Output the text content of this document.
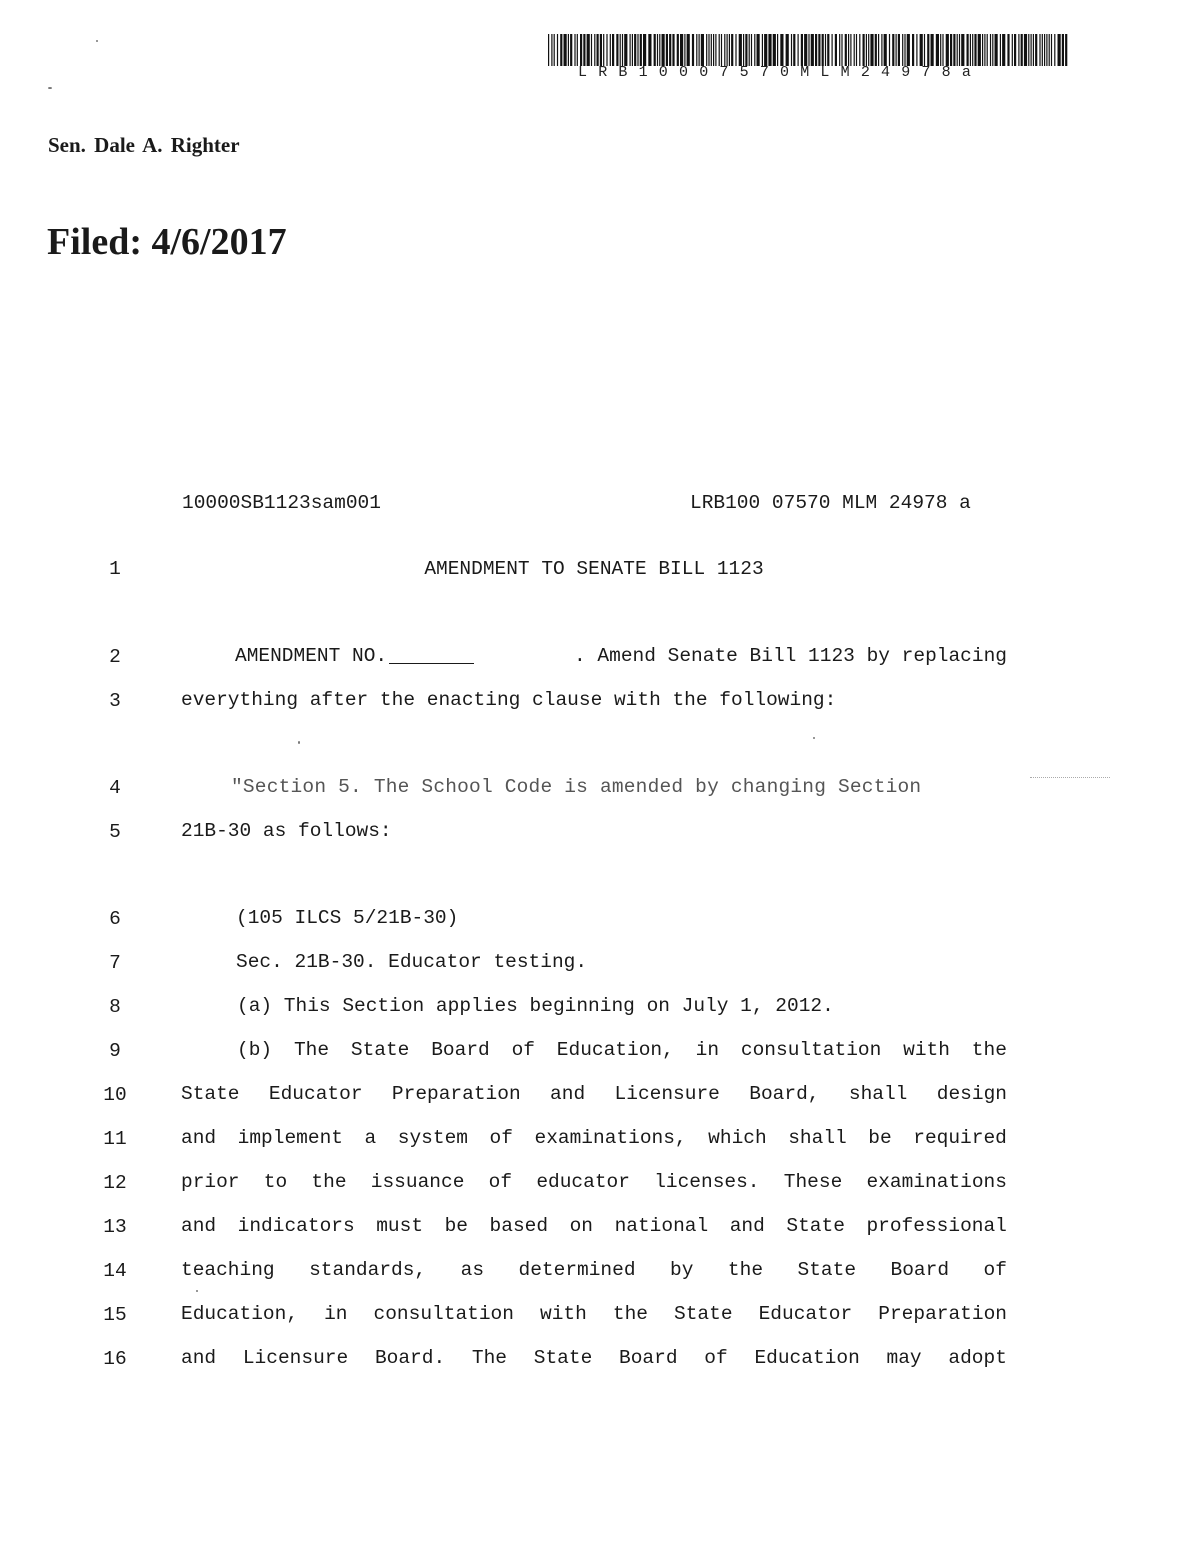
LRB10007570MLM24978a
Sen. Dale A. Righter
Filed: 4/6/2017
10000SB1123sam001	LRB100 07570 MLM 24978 a
1	AMENDMENT TO SENATE BILL 1123
2	AMENDMENT NO.	. Amend Senate Bill 1123 by replacing
3	everything after the enacting clause with the following:
4	"Section 5. The School Code is amended by changing Section
5	21B-30 as follows:
6	(105 ILCS 5/21B-30)
7	Sec. 21B-30. Educator testing.
8	(a) This Section applies beginning on July 1, 2012.
9	(b) The State Board of Education, in consultation with the
10	State Educator Preparation and Licensure Board, shall design
11	and implement a system of examinations, which shall be required
12	prior to the issuance of educator licenses. These examinations
13	and indicators must be based on national and State professional
14	teaching standards, as determined by the State Board of
15	Education, in consultation with the State Educator Preparation
16	and Licensure Board. The State Board of Education may adopt
